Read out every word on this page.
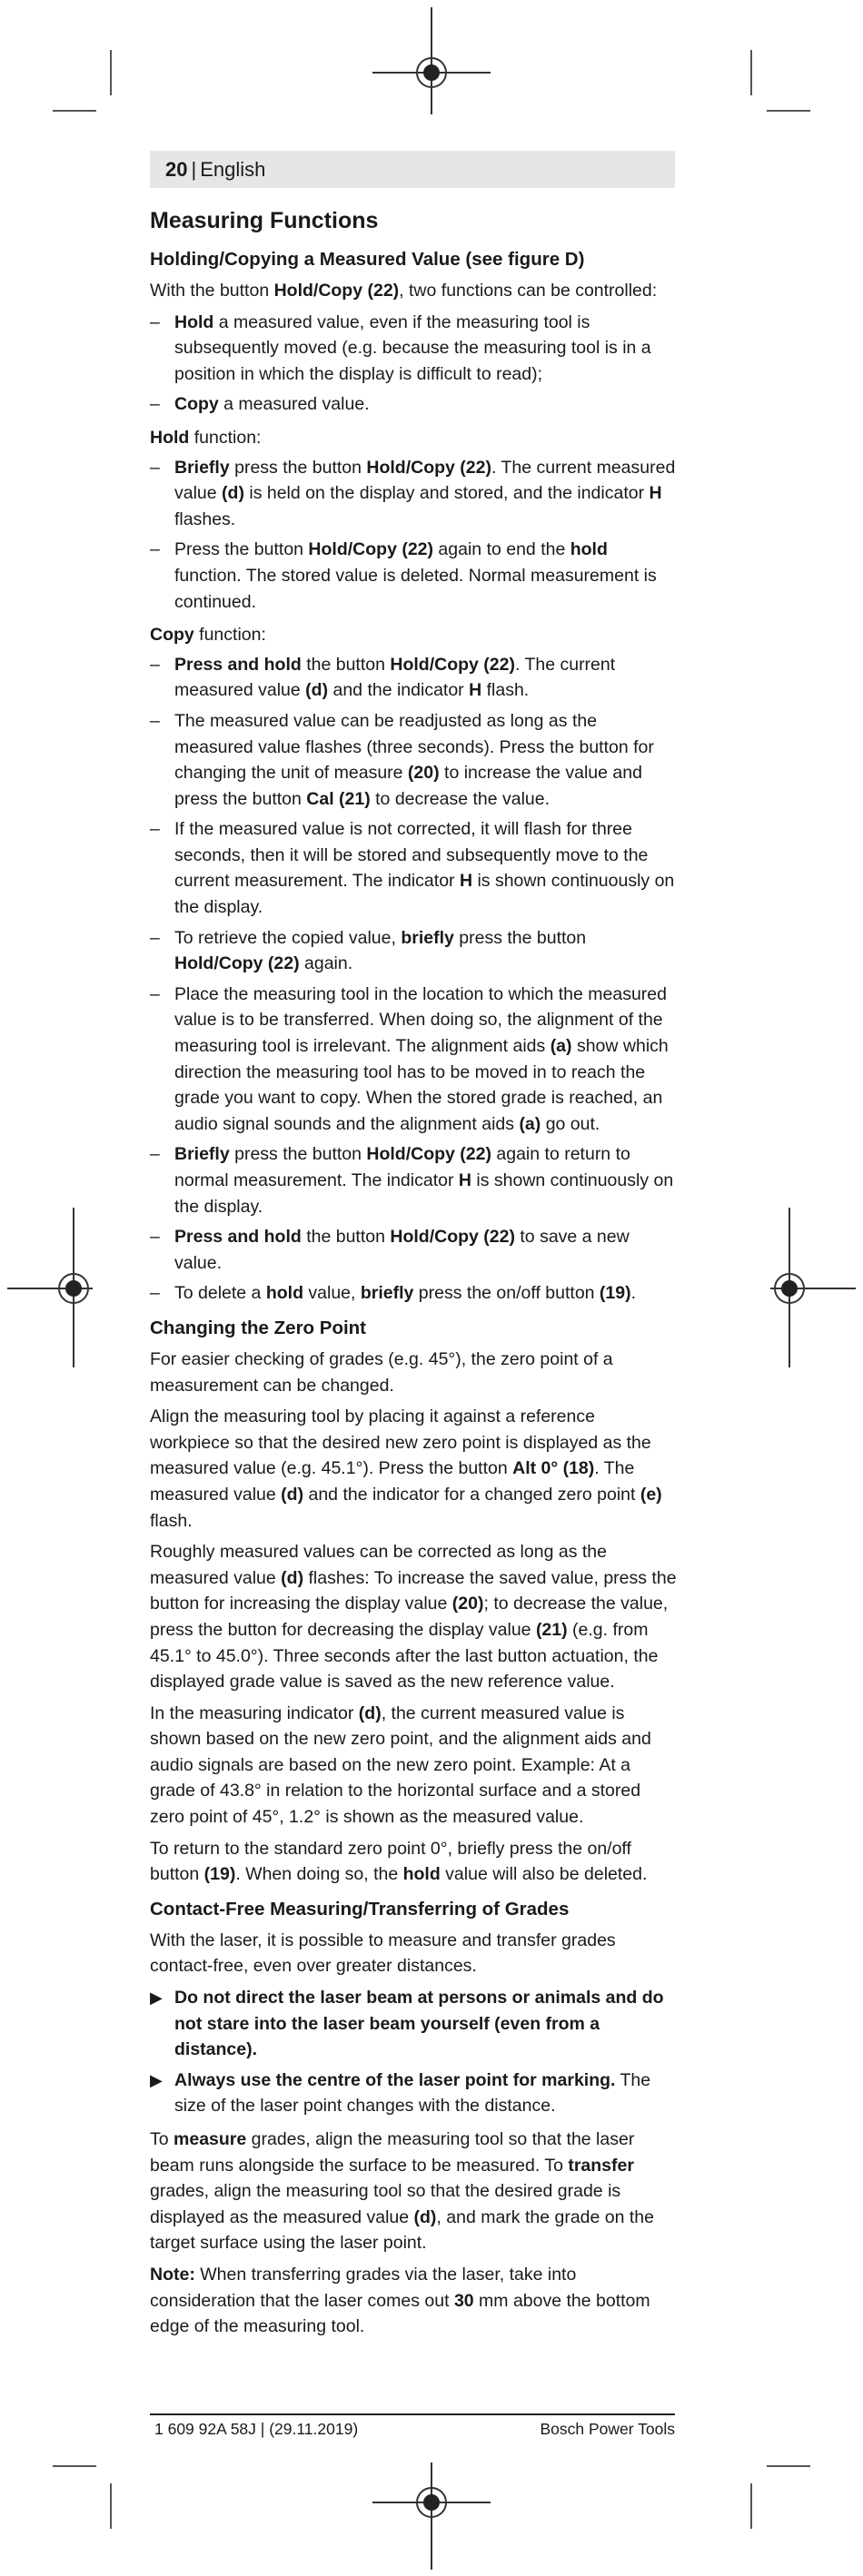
20 | English
Measuring Functions
Holding/Copying a Measured Value (see figure D)
With the button Hold/Copy (22), two functions can be controlled:
– Hold a measured value, even if the measuring tool is subsequently moved (e.g. because the measuring tool is in a position in which the display is difficult to read);
– Copy a measured value.
Hold function:
– Briefly press the button Hold/Copy (22). The current measured value (d) is held on the display and stored, and the indicator H flashes.
– Press the button Hold/Copy (22) again to end the hold function. The stored value is deleted. Normal measurement is continued.
Copy function:
– Press and hold the button Hold/Copy (22). The current measured value (d) and the indicator H flash.
– The measured value can be readjusted as long as the measured value flashes (three seconds). Press the button for changing the unit of measure (20) to increase the value and press the button Cal (21) to decrease the value.
– If the measured value is not corrected, it will flash for three seconds, then it will be stored and subsequently move to the current measurement. The indicator H is shown continuously on the display.
– To retrieve the copied value, briefly press the button Hold/Copy (22) again.
– Place the measuring tool in the location to which the measured value is to be transferred. When doing so, the alignment of the measuring tool is irrelevant. The alignment aids (a) show which direction the measuring tool has to be moved in to reach the grade you want to copy. When the stored grade is reached, an audio signal sounds and the alignment aids (a) go out.
– Briefly press the button Hold/Copy (22) again to return to normal measurement. The indicator H is shown continuously on the display.
– Press and hold the button Hold/Copy (22) to save a new value.
– To delete a hold value, briefly press the on/off button (19).
Changing the Zero Point
For easier checking of grades (e.g. 45°), the zero point of a measurement can be changed.
Align the measuring tool by placing it against a reference workpiece so that the desired new zero point is displayed as the measured value (e.g. 45.1°). Press the button Alt 0° (18). The measured value (d) and the indicator for a changed zero point (e) flash.
Roughly measured values can be corrected as long as the measured value (d) flashes: To increase the saved value, press the button for increasing the display value (20); to decrease the value, press the button for decreasing the display value (21) (e.g. from 45.1° to 45.0°). Three seconds after the last button actuation, the displayed grade value is saved as the new reference value.
In the measuring indicator (d), the current measured value is shown based on the new zero point, and the alignment aids and audio signals are based on the new zero point. Example: At a grade of 43.8° in relation to the horizontal surface and a stored zero point of 45°, 1.2° is shown as the measured value.
To return to the standard zero point 0°, briefly press the on/off button (19). When doing so, the hold value will also be deleted.
Contact-Free Measuring/Transferring of Grades
With the laser, it is possible to measure and transfer grades contact-free, even over greater distances.
▶ Do not direct the laser beam at persons or animals and do not stare into the laser beam yourself (even from a distance).
▶ Always use the centre of the laser point for marking. The size of the laser point changes with the distance.
To measure grades, align the measuring tool so that the laser beam runs alongside the surface to be measured. To transfer grades, align the measuring tool so that the desired grade is displayed as the measured value (d), and mark the grade on the target surface using the laser point.
Note: When transferring grades via the laser, take into consideration that the laser comes out 30 mm above the bottom edge of the measuring tool.
1 609 92A 58J | (29.11.2019)	Bosch Power Tools
